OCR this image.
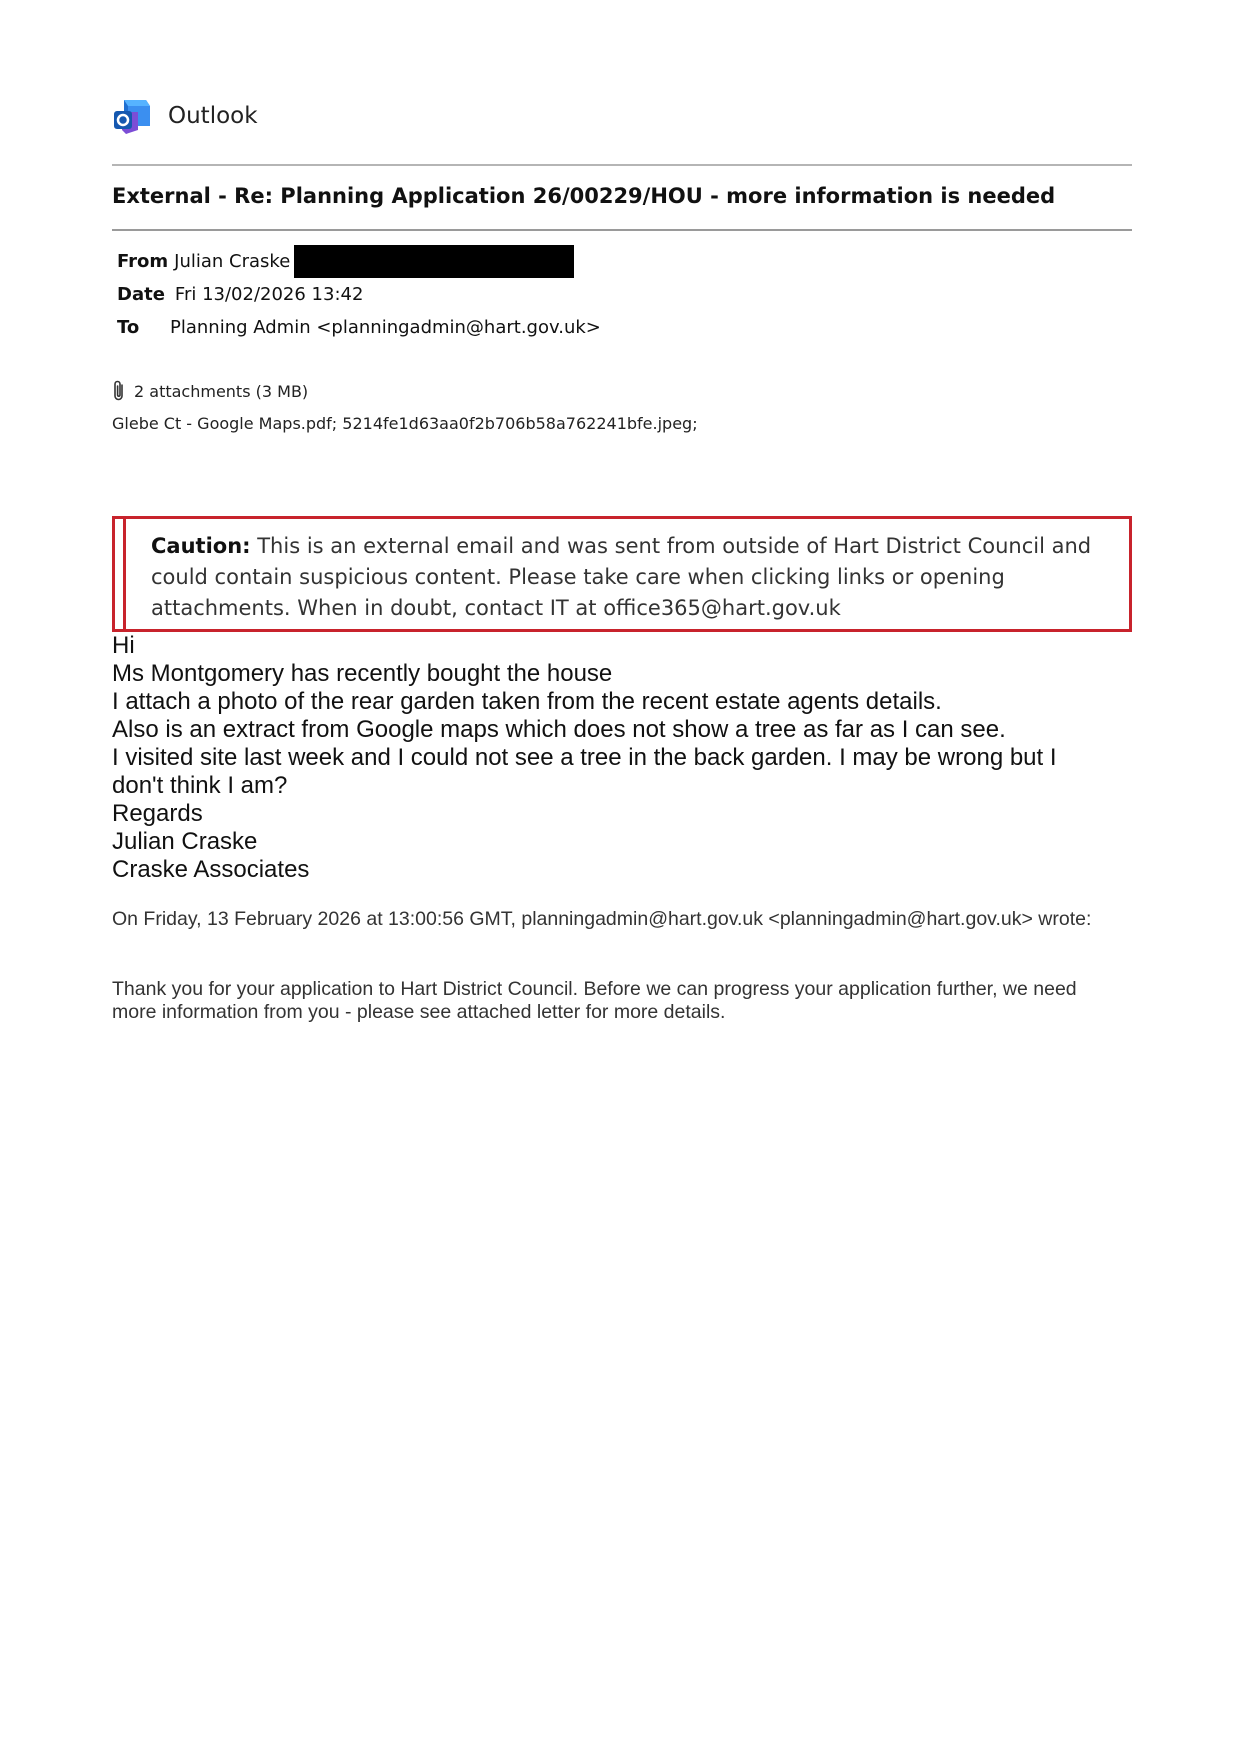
Outlook
External - Re: Planning Application 26/00229/HOU - more information is needed
From Julian Craske
Date Fri 13/02/2026 13:42
To	Planning Admin <planningadmin@hart.gov.uk>
2 attachments (3 MB)
Glebe Ct - Google Maps.pdf; 5214fe1d63aa0f2b706b58a762241bfe.jpeg;
Caution: This is an external email and was sent from outside of Hart District Council and could contain suspicious content. Please take care when clicking links or opening attachments. When in doubt, contact IT at office365@hart.gov.uk
Hi
Ms Montgomery has recently bought the house
I attach a photo of the rear garden taken from the recent estate agents details.
Also is an extract from Google maps which does not show a tree as far as I can see.
I visited site last week and I could not see a tree in the back garden. I may be wrong but I
don't think I am?
Regards
Julian Craske
Craske Associates
On Friday, 13 February 2026 at 13:00:56 GMT, planningadmin@hart.gov.uk <planningadmin@hart.gov.uk> wrote:
Thank you for your application to Hart District Council. Before we can progress your application further, we need
more information from you - please see attached letter for more details.
